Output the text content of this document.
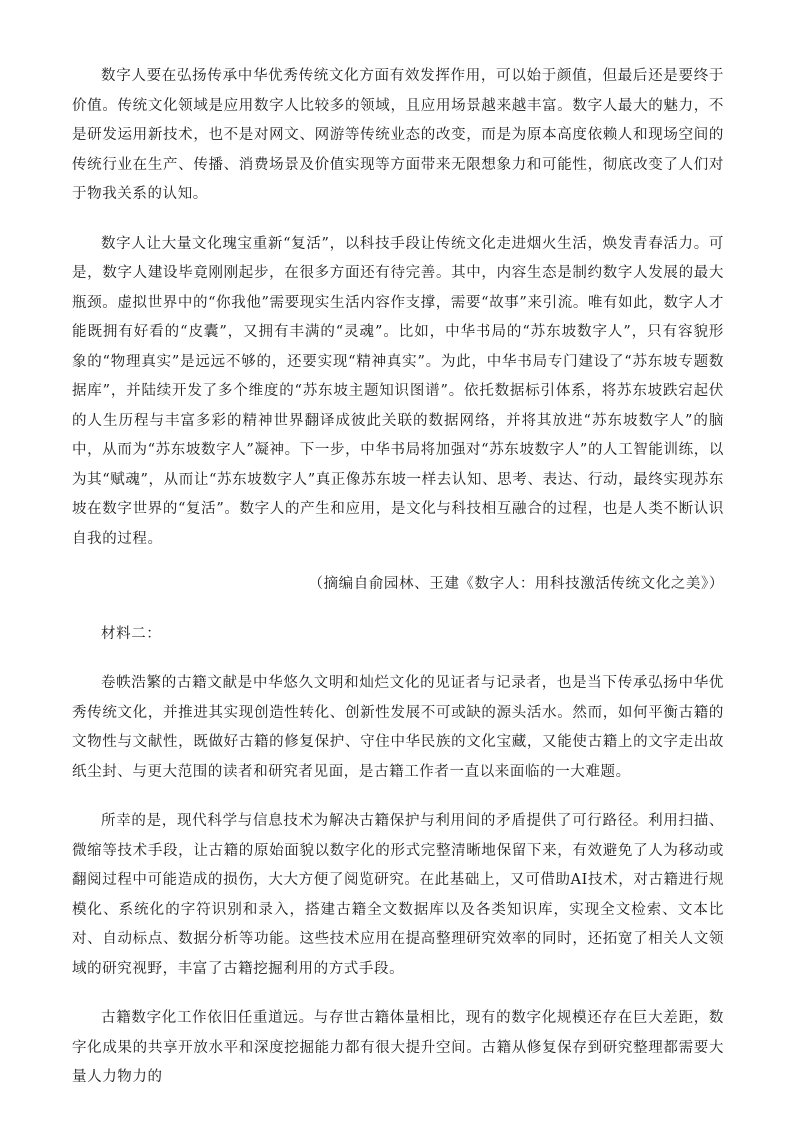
数字人要在弘扬传承中华优秀传统文化方面有效发挥作用，可以始于颜值，但最后还是要终于价值。传统文化领域是应用数字人比较多的领域，且应用场景越来越丰富。数字人最大的魅力，不是研发运用新技术，也不是对网文、网游等传统业态的改变，而是为原本高度依赖人和现场空间的传统行业在生产、传播、消费场景及价值实现等方面带来无限想象力和可能性，彻底改变了人们对于物我关系的认知。

数字人让大量文化瑰宝重新“复活”，以科技手段让传统文化走进烟火生活，焕发青春活力。可是，数字人建设毕竟刚刚起步，在很多方面还有待完善。其中，内容生态是制约数字人发展的最大瓶颈。虚拟世界中的“你我他”需要现实生活内容作支撑，需要“故事”来引流。唯有如此，数字人才能既拥有好看的“皮囊”，又拥有丰满的“灵魂”。比如，中华书局的“苏东坡数字人”，只有容貌形象的“物理真实”是远远不够的，还要实现“精神真实”。为此，中华书局专门建设了“苏东坡专题数据库”，并陆续开发了多个维度的“苏东坡主题知识图谱”。依托数据标引体系，将苏东坡跌宕起伏的人生历程与丰富多彩的精神世界翻译成彼此关联的数据网络，并将其放进“苏东坡数字人”的脑中，从而为“苏东坡数字人”凝神。下一步，中华书局将加强对“苏东坡数字人”的人工智能训练，以为其“赋魂”，从而让“苏东坡数字人”真正像苏东坡一样去认知、思考、表达、行动，最终实现苏东坡在数字世界的“复活”。数字人的产生和应用，是文化与科技相互融合的过程，也是人类不断认识自我的过程。

（摘编自俞园林、王建《数字人：用科技激活传统文化之美》）

材料二：

卷帙浩繁的古籍文献是中华悠久文明和灿烂文化的见证者与记录者，也是当下传承弘扬中华优秀传统文化，并推进其实现创造性转化、创新性发展不可或缺的源头活水。然而，如何平衡古籍的文物性与文献性，既做好古籍的修复保护、守住中华民族的文化宝藏，又能使古籍上的文字走出故纸尘封、与更大范围的读者和研究者见面，是古籍工作者一直以来面临的一大难题。

所幸的是，现代科学与信息技术为解决古籍保护与利用间的矛盾提供了可行路径。利用扫描、微缩等技术手段，让古籍的原始面貌以数字化的形式完整清晰地保留下来，有效避免了人为移动或翻阅过程中可能造成的损伤，大大方便了阅览研究。在此基础上，又可借助AI技术，对古籍进行规模化、系统化的字符识别和录入，搭建古籍全文数据库以及各类知识库，实现全文检索、文本比对、自动标点、数据分析等功能。这些技术应用在提高整理研究效率的同时，还拓宽了相关人文领域的研究视野，丰富了古籍挖掘利用的方式手段。

古籍数字化工作依旧任重道远。与存世古籍体量相比，现有的数字化规模还存在巨大差距，数字化成果的共享开放水平和深度挖掘能力都有很大提升空间。古籍从修复保存到研究整理都需要大量人力物力的
